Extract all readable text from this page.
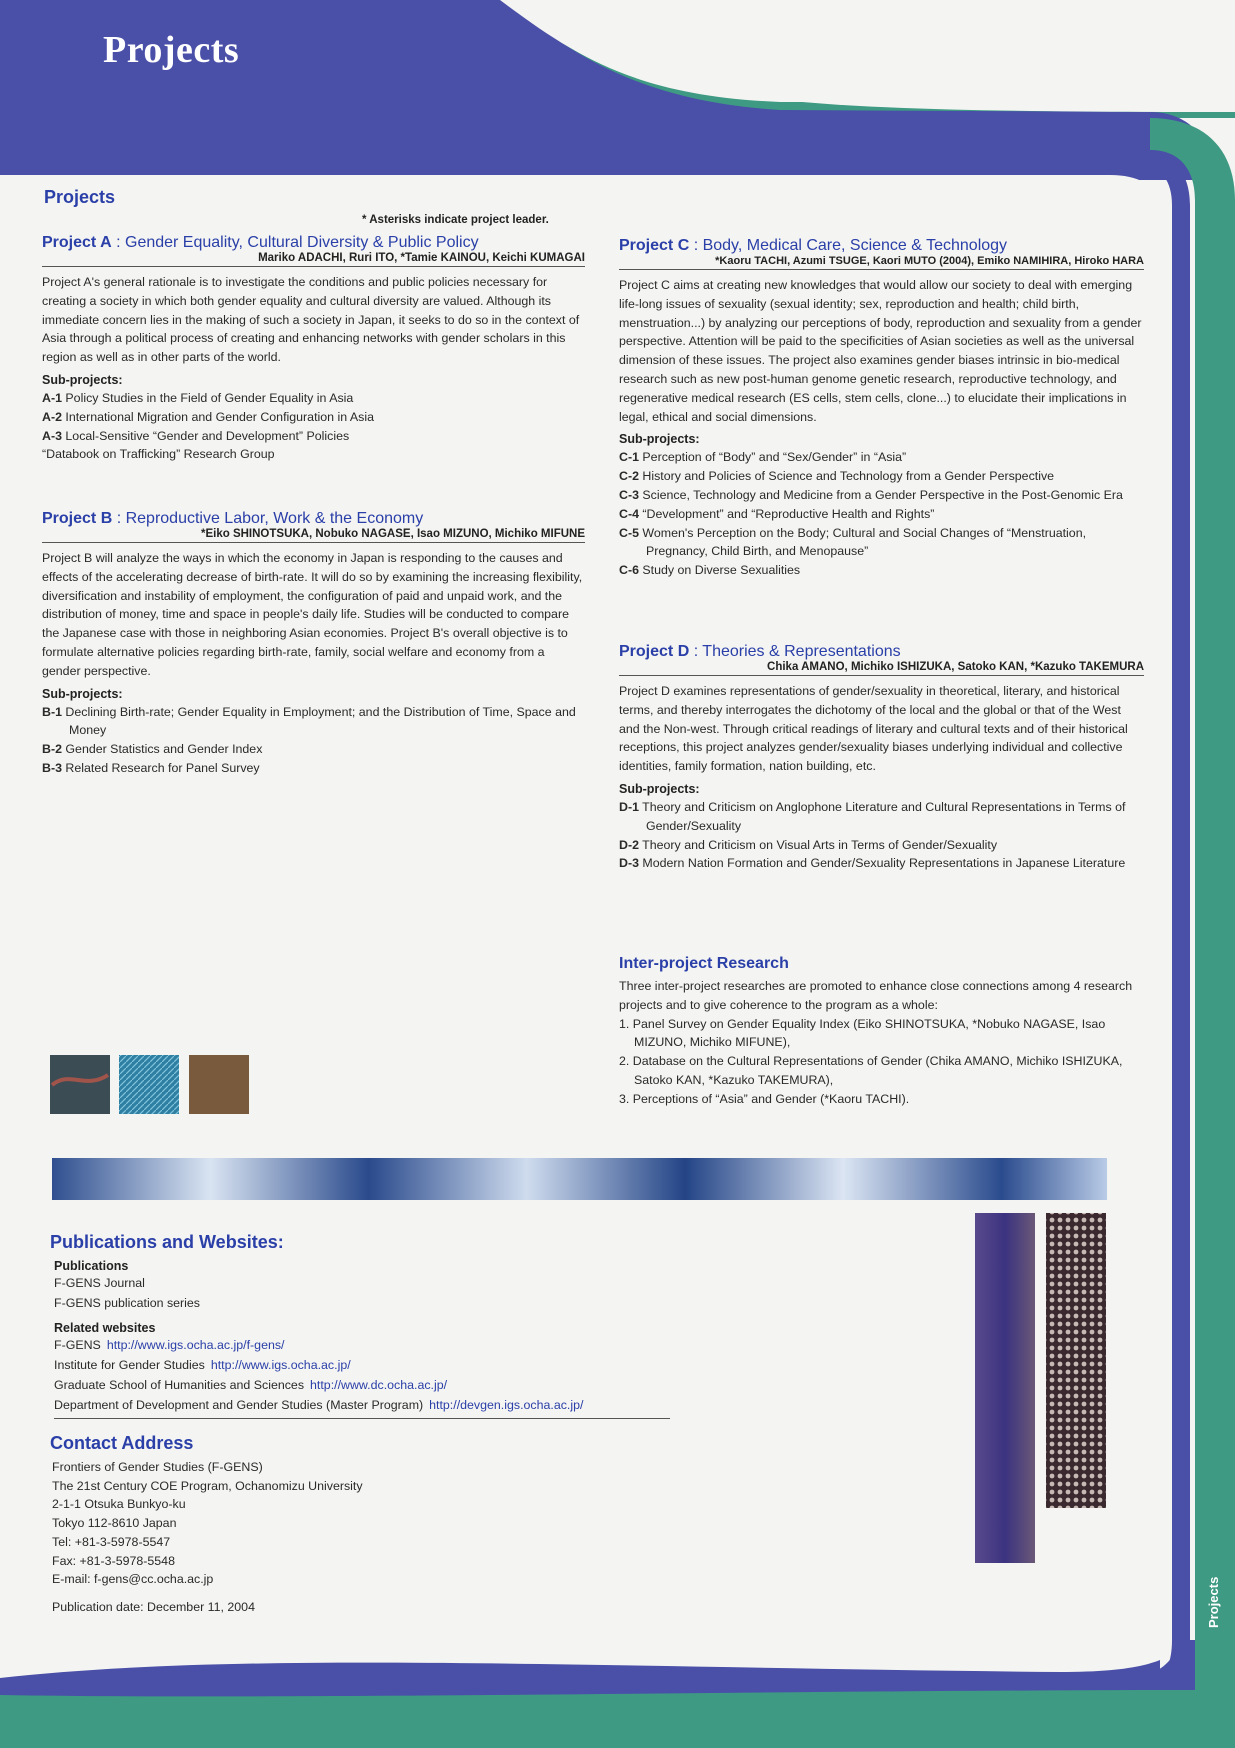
Projects
Projects
Projects
* Asterisks indicate project leader.
Project A : Gender Equality, Cultural Diversity & Public Policy
Mariko ADACHI, Ruri ITO, *Tamie KAINOU, Keichi KUMAGAI
Project A's general rationale is to investigate the conditions and public policies necessary for creating a society in which both gender equality and cultural diversity are valued. Although its immediate concern lies in the making of such a society in Japan, it seeks to do so in the context of Asia through a political process of creating and enhancing networks with gender scholars in this region as well as in other parts of the world.
Sub-projects:
A-1 Policy Studies in the Field of Gender Equality in Asia
A-2 International Migration and Gender Configuration in Asia
A-3 Local-Sensitive “Gender and Development” Policies
“Databook on Trafficking” Research Group
Project B : Reproductive Labor, Work & the Economy
*Eiko SHINOTSUKA, Nobuko NAGASE, Isao MIZUNO, Michiko MIFUNE
Project B will analyze the ways in which the economy in Japan is responding to the causes and effects of the accelerating decrease of birth-rate. It will do so by examining the increasing flexibility, diversification and instability of employment, the configuration of paid and unpaid work, and the distribution of money, time and space in people's daily life. Studies will be conducted to compare the Japanese case with those in neighboring Asian economies. Project B's overall objective is to formulate alternative policies regarding birth-rate, family, social welfare and economy from a gender perspective.
Sub-projects:
B-1 Declining Birth-rate; Gender Equality in Employment; and the Distribution of Time, Space and Money
B-2 Gender Statistics and Gender Index
B-3 Related Research for Panel Survey
Project C : Body, Medical Care, Science & Technology
*Kaoru TACHI, Azumi TSUGE, Kaori MUTO (2004), Emiko NAMIHIRA, Hiroko HARA
Project C aims at creating new knowledges that would allow our society to deal with emerging life-long issues of sexuality (sexual identity; sex, reproduction and health; child birth, menstruation...) by analyzing our perceptions of body, reproduction and sexuality from a gender perspective. Attention will be paid to the specificities of Asian societies as well as the universal dimension of these issues. The project also examines gender biases intrinsic in bio-medical research such as new post-human genome genetic research, reproductive technology, and regenerative medical research (ES cells, stem cells, clone...) to elucidate their implications in legal, ethical and social dimensions.
Sub-projects:
C-1 Perception of “Body” and “Sex/Gender” in “Asia”
C-2 History and Policies of Science and Technology from a Gender Perspective
C-3 Science, Technology and Medicine from a Gender Perspective in the Post-Genomic Era
C-4 “Development” and “Reproductive Health and Rights”
C-5 Women's Perception on the Body; Cultural and Social Changes of “Menstruation, Pregnancy, Child Birth, and Menopause”
C-6 Study on Diverse Sexualities
Project D : Theories & Representations
Chika AMANO, Michiko ISHIZUKA, Satoko KAN, *Kazuko TAKEMURA
Project D examines representations of gender/sexuality in theoretical, literary, and historical terms, and thereby interrogates the dichotomy of the local and the global or that of the West and the Non-west. Through critical readings of literary and cultural texts and of their historical receptions, this project analyzes gender/sexuality biases underlying individual and collective identities, family formation, nation building, etc.
Sub-projects:
D-1 Theory and Criticism on Anglophone Literature and Cultural Representations in Terms of Gender/Sexuality
D-2 Theory and Criticism on Visual Arts in Terms of Gender/Sexuality
D-3 Modern Nation Formation and Gender/Sexuality Representations in Japanese Literature
Inter-project Research
Three inter-project researches are promoted to enhance close connections among 4 research projects and to give coherence to the program as a whole:
1. Panel Survey on Gender Equality Index (Eiko SHINOTSUKA, *Nobuko NAGASE, Isao MIZUNO, Michiko MIFUNE),
2. Database on the Cultural Representations of Gender (Chika AMANO, Michiko ISHIZUKA, Satoko KAN, *Kazuko TAKEMURA),
3. Perceptions of “Asia” and Gender (*Kaoru TACHI).
Publications and Websites:
Publications
F-GENS Journal
F-GENS publication series
Related websites
F-GENS http://www.igs.ocha.ac.jp/f-gens/
Institute for Gender Studies http://www.igs.ocha.ac.jp/
Graduate School of Humanities and Sciences http://www.dc.ocha.ac.jp/
Department of Development and Gender Studies (Master Program) http://devgen.igs.ocha.ac.jp/
Contact Address
Frontiers of Gender Studies (F-GENS)
The 21st Century COE Program, Ochanomizu University
2-1-1 Otsuka Bunkyo-ku
Tokyo 112-8610 Japan
Tel: +81-3-5978-5547
Fax: +81-3-5978-5548
E-mail: f-gens@cc.ocha.ac.jp
Publication date: December 11, 2004
